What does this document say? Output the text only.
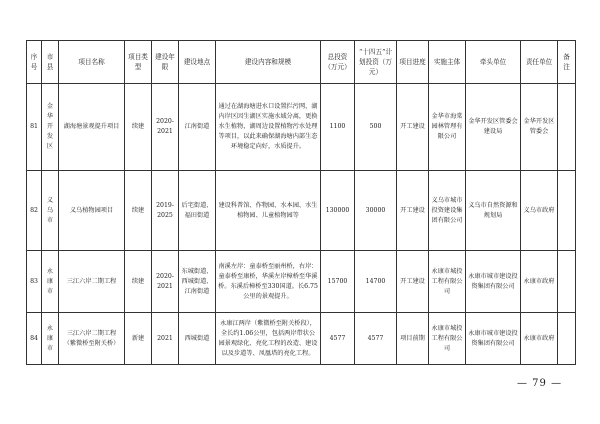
序号	市县	项目名称	项目类型	建设年限	建设地点	建设内容和规模	总投资（万元）	“十四五”计划投资（万元）	项目进度	实施主体	牵头单位	责任单位	备注
81	金华开发区	湖海塘景观提升项目	续建	2020-2021	江南街道	通过在湖海塘进水口设置拦污网，湖内岸区因生湖区实施水域分离，更换水生植物，湖周边设置植物污水处理等项目，以此来确保湖海塘内部生态环境稳定向好，水质提升。	1100	500	开工建设	金华市海棠园林管理有限公司	金华开发区管委会建设局	金华开发区管委会	
82	义乌市	义乌植物园项目	续建	2019-2025	后宅街道、福田街道	建设科普馆、作物园、水本园、水生植物园、儿童植物园等	130000	30000	开工建设	义乌市城市投资建设集团有限公司	义乌市自然资源和规划局	义乌市政府	
83	永康市	三江六岸二期工程	续建	2020-2021	东城街道、西城街道、江南街道	南溪左岸：童泰桥至丽州桥，右岸：童泰桥至康桥，华溪左岸樟桥至华溪桥。东溪后樟桥至330国道。长6.75公里的景观提升。	15700	14700	开工建设	永康市城投工程有限公司	永康市城市建设投资集团有限公司	永康市政府	
84	永康市	三江六岸二期工程（紫微桥至附关桥）	新建	2021	西城街道	永康江两岸（紫微桥至附关桥段），全长约1.06公里，包括两岸带状公园景观绿化、亮化工程的改造、建设以及步道等、凤凰塔的亮化工程。	4577	4577	项目前期	永康市城投工程有限公司	永康市城市建设投资集团有限公司	永康市政府	
— 79 —
